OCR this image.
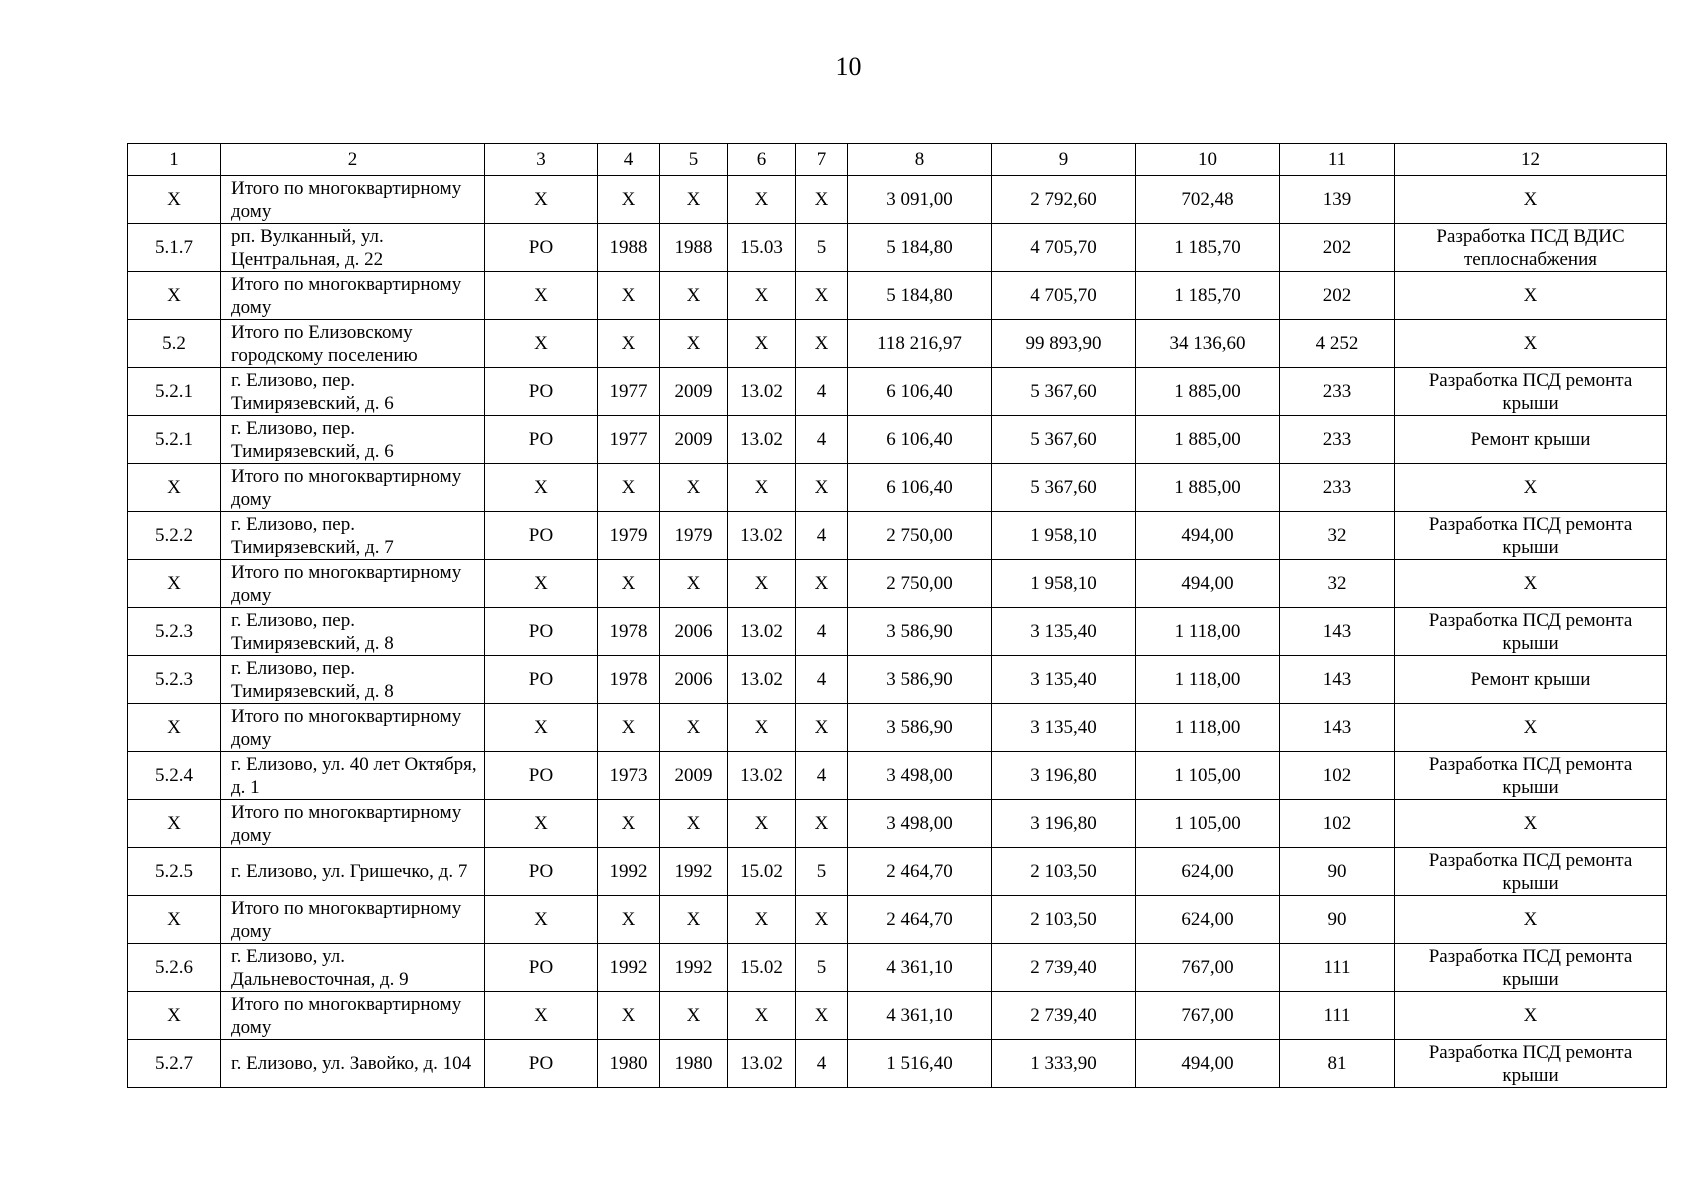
10
1	2	3	4	5	6	7	8	9	10	11	12
Х	Итого по многоквартирному дому	Х	Х	Х	Х	Х	3 091,00	2 792,60	702,48	139	Х
5.1.7	рп. Вулканный, ул. Центральная, д. 22	РО	1988	1988	15.03	5	5 184,80	4 705,70	1 185,70	202	Разработка ПСД ВДИС теплоснабжения
Х	Итого по многоквартирному дому	Х	Х	Х	Х	Х	5 184,80	4 705,70	1 185,70	202	Х
5.2	Итого по Елизовскому городскому поселению	Х	Х	Х	Х	Х	118 216,97	99 893,90	34 136,60	4 252	Х
5.2.1	г. Елизово, пер. Тимирязевский, д. 6	РО	1977	2009	13.02	4	6 106,40	5 367,60	1 885,00	233	Разработка ПСД ремонта крыши
5.2.1	г. Елизово, пер. Тимирязевский, д. 6	РО	1977	2009	13.02	4	6 106,40	5 367,60	1 885,00	233	Ремонт крыши
Х	Итого по многоквартирному дому	Х	Х	Х	Х	Х	6 106,40	5 367,60	1 885,00	233	Х
5.2.2	г. Елизово, пер. Тимирязевский, д. 7	РО	1979	1979	13.02	4	2 750,00	1 958,10	494,00	32	Разработка ПСД ремонта крыши
Х	Итого по многоквартирному дому	Х	Х	Х	Х	Х	2 750,00	1 958,10	494,00	32	Х
5.2.3	г. Елизово, пер. Тимирязевский, д. 8	РО	1978	2006	13.02	4	3 586,90	3 135,40	1 118,00	143	Разработка ПСД ремонта крыши
5.2.3	г. Елизово, пер. Тимирязевский, д. 8	РО	1978	2006	13.02	4	3 586,90	3 135,40	1 118,00	143	Ремонт крыши
Х	Итого по многоквартирному дому	Х	Х	Х	Х	Х	3 586,90	3 135,40	1 118,00	143	Х
5.2.4	г. Елизово, ул. 40 лет Октября, д. 1	РО	1973	2009	13.02	4	3 498,00	3 196,80	1 105,00	102	Разработка ПСД ремонта крыши
Х	Итого по многоквартирному дому	Х	Х	Х	Х	Х	3 498,00	3 196,80	1 105,00	102	Х
5.2.5	г. Елизово, ул. Гришечко, д. 7	РО	1992	1992	15.02	5	2 464,70	2 103,50	624,00	90	Разработка ПСД ремонта крыши
Х	Итого по многоквартирному дому	Х	Х	Х	Х	Х	2 464,70	2 103,50	624,00	90	Х
5.2.6	г. Елизово, ул. Дальневосточная, д. 9	РО	1992	1992	15.02	5	4 361,10	2 739,40	767,00	111	Разработка ПСД ремонта крыши
Х	Итого по многоквартирному дому	Х	Х	Х	Х	Х	4 361,10	2 739,40	767,00	111	Х
5.2.7	г. Елизово, ул. Завойко, д. 104	РО	1980	1980	13.02	4	1 516,40	1 333,90	494,00	81	Разработка ПСД ремонта крыши
